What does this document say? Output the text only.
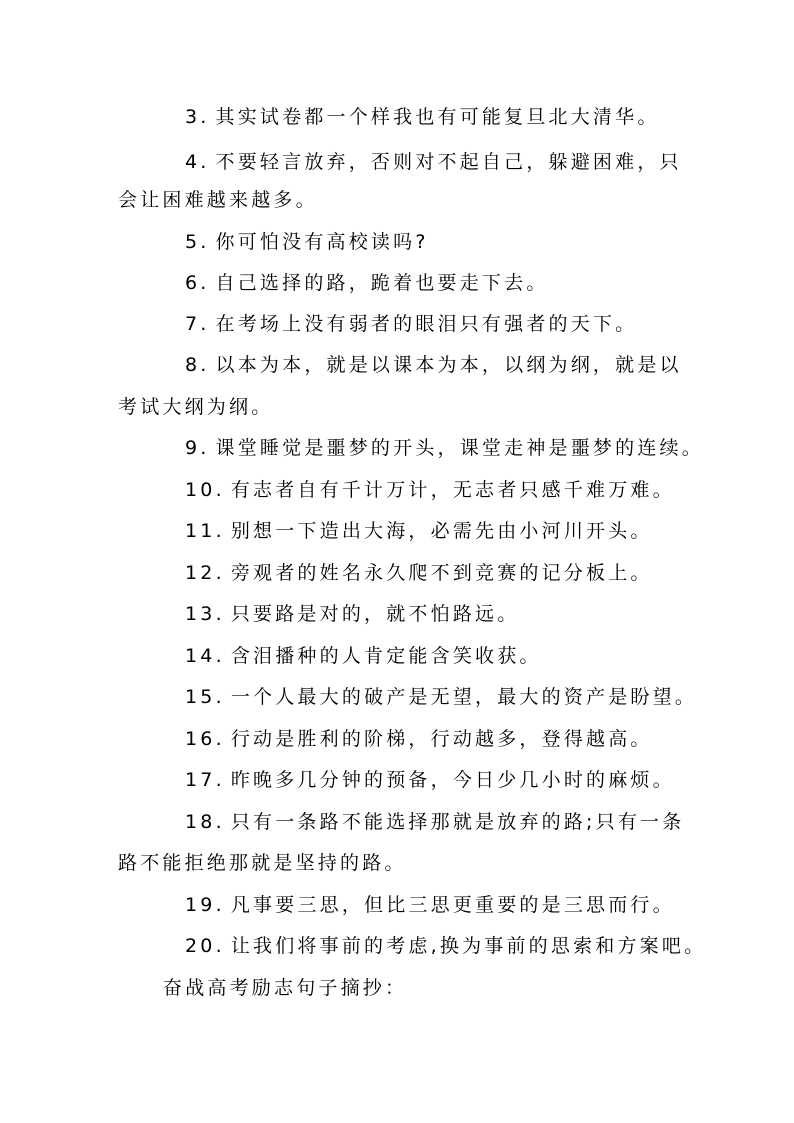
3. 其实试卷都一个样我也有可能复旦北大清华。
4. 不要轻言放弃，否则对不起自己，躲避困难，只
会让困难越来越多。
5. 你可怕没有高校读吗?
6. 自己选择的路，跪着也要走下去。
7. 在考场上没有弱者的眼泪只有强者的天下。
8. 以本为本，就是以课本为本，以纲为纲，就是以
考试大纲为纲。
9. 课堂睡觉是噩梦的开头，课堂走神是噩梦的连续。
10. 有志者自有千计万计，无志者只感千难万难。
11. 别想一下造出大海，必需先由小河川开头。
12. 旁观者的姓名永久爬不到竞赛的记分板上。
13. 只要路是对的，就不怕路远。
14. 含泪播种的人肯定能含笑收获。
15. 一个人最大的破产是无望，最大的资产是盼望。
16. 行动是胜利的阶梯，行动越多，登得越高。
17. 昨晚多几分钟的预备，今日少几小时的麻烦。
18. 只有一条路不能选择那就是放弃的路;只有一条
路不能拒绝那就是坚持的路。
19. 凡事要三思，但比三思更重要的是三思而行。
20. 让我们将事前的考虑,换为事前的思索和方案吧。
奋战高考励志句子摘抄：
